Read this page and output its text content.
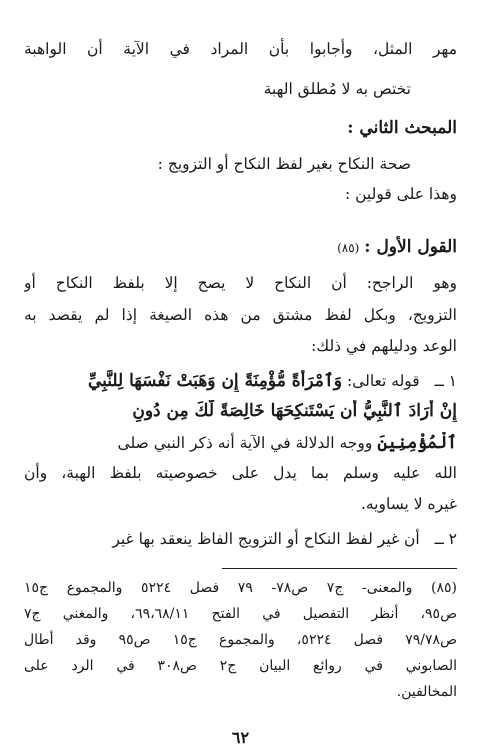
مهر المثل، وأجابوا بأن المراد في الآية أن الواهبة
تختص به لا مُطلق الهبة
المبحث الثاني :
صحة النكاح بغير لفظ النكاح أو التزويج :
وهذا على قولين :
القول الأول : (٨٥)
وهو الراجح: أن النكاح لا يصح إلا بلفظ النكاح أو
التزويج، وبكل لفظ مشتق من هذه الصيغة إذا لم يقصد به
الوعد ودليلهم في ذلك:
١ ــ قوله تعالى: وَٱمْرَأَةً مُّؤْمِنَةً إِن وَهَبَتْ نَفْسَهَا لِلنَّبِيِّ
إِنْ أَرَادَ ٱلنَّبِيُّ أَن يَسْتَنكِحَهَا خَالِصَةً لَّكَ مِن دُونِ
ٱلْمُؤْمِنِينَ ووجه الدلالة في الآية أنه ذكر النبي صلى
الله عليه وسلم بما يدل على خصوصيته بلفظ الهبة، وأن
غيره لا يساويه.
٢ ــ أن غير لفظ النكاح أو التزويج الفاظ ينعقد بها غير
(٨٥) والمعنى- ج٧ ص٧٨- ٧٩ فصل ٥٢٢٤ والمجموع ج١٥
ص٩٥، أنظر التفصيل في الفتح ٦٩،٦٨/١١، والمغني ج٧
ص٧٩/٧٨ فصل ٥٢٢٤، والمجموع ج١٥ ص٩٥ وقد أطال
الصابوني في روائع البيان ج٢ ص٣٠٨ في الرد على
المخالفين.
٦٢
